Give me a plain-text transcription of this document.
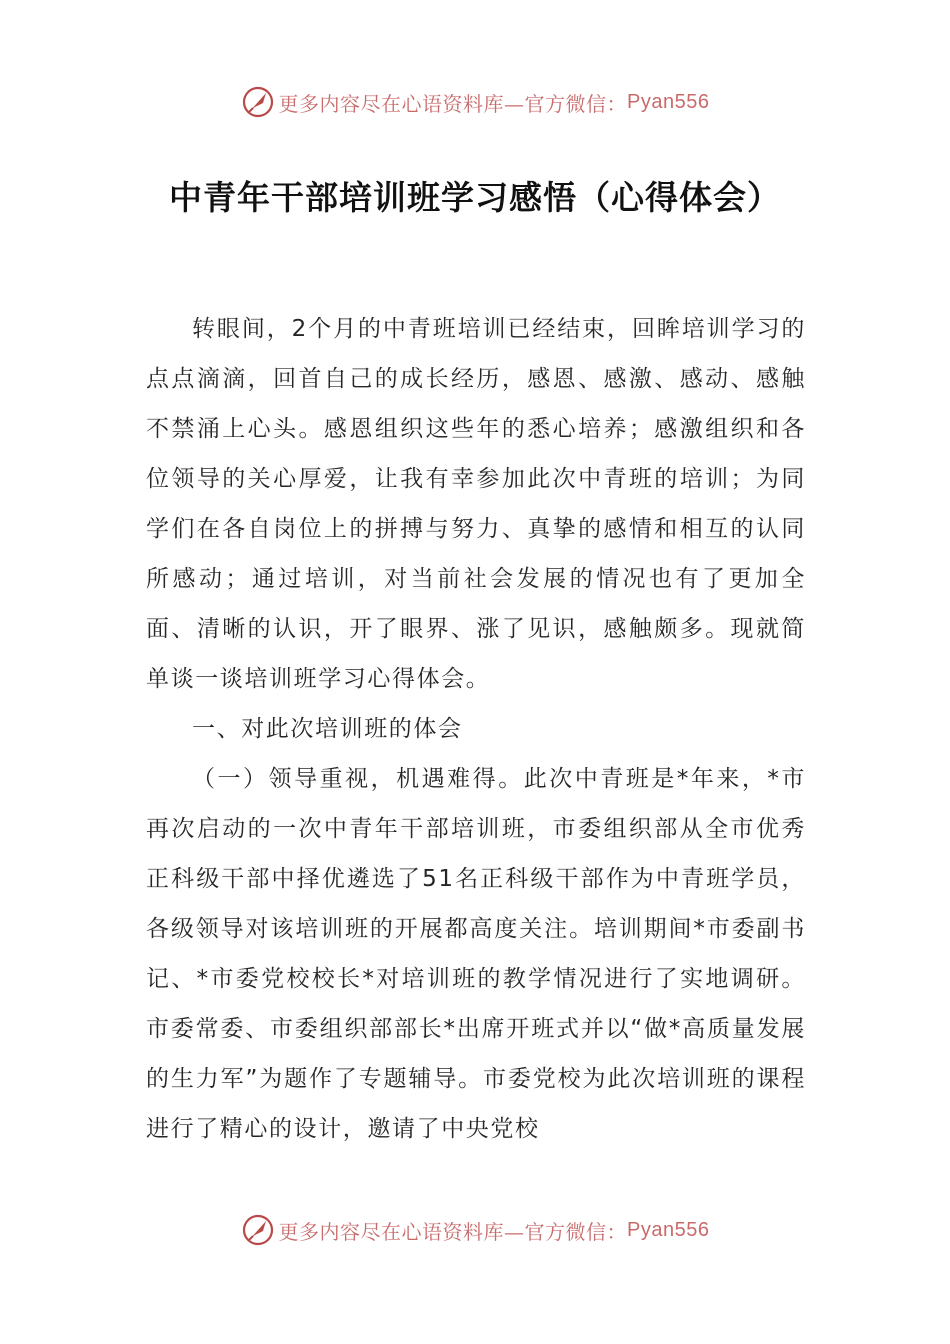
更多内容尽在心语资料库—官方微信： Pyan556
中青年干部培训班学习感悟（心得体会）

转眼间，2个月的中青班培训已经结束，回眸培训学习的点点滴滴，回首自己的成长经历，感恩、感激、感动、感触不禁涌上心头。感恩组织这些年的悉心培养；感激组织和各位领导的关心厚爱，让我有幸参加此次中青班的培训；为同学们在各自岗位上的拼搏与努力、真挚的感情和相互的认同所感动；通过培训，对当前社会发展的情况也有了更加全面、清晰的认识，开了眼界、涨了见识，感触颇多。现就简单谈一谈培训班学习心得体会。

一、对此次培训班的体会

（一）领导重视，机遇难得。此次中青班是*年来，*市再次启动的一次中青年干部培训班，市委组织部从全市优秀正科级干部中择优遴选了51名正科级干部作为中青班学员，各级领导对该培训班的开展都高度关注。培训期间*市委副书记、*市委党校校长*对培训班的教学情况进行了实地调研。市委常委、市委组织部部长*出席开班式并以“做*高质量发展的生力军”为题作了专题辅导。市委党校为此次培训班的课程进行了精心的设计，邀请了中央党校

更多内容尽在心语资料库—官方微信： Pyan556
